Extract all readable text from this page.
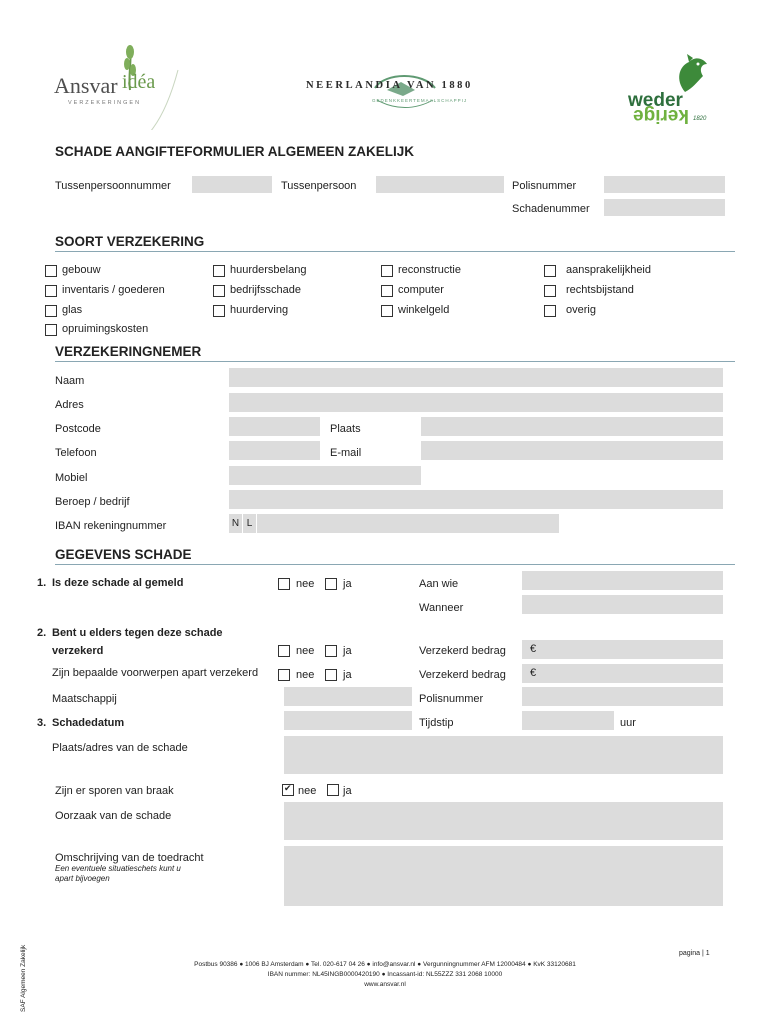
Ansvar idéa
VERZEKERINGEN
NEERLANDIA VAN 1880
GEDENKKEERTEMAALSCHAPPIJ	weder
kerige 1820
SCHADE AANGIFTEFORMULIER ALGEMEEN ZAKELIJK
Tussenpersoonnummer	Tussenpersoon	Polisnummer
Schadenummer
SOORT VERZEKERING
gebouw
inventaris / goederen
glas
opruimingskosten
huurdersbelang
bedrijfsschade
huurderving
reconstructie
computer
winkelgeld
aansprakelijkheid
rechtsbijstand
overig
VERZEKERINGNEMER
Naam
Adres
Postcode	Plaats
Telefoon	E-mail
Mobiel
Beroep / bedrijf
IBAN rekeningnummer	N L
GEGEVENS SCHADE
1. Is deze schade al gemeld	nee	ja	Aan wie
Wanneer
2. Bent u elders tegen deze schade
verzekerd	nee	ja	Verzekerd bedrag	€
Zijn bepaalde voorwerpen apart verzekerd	nee	ja	Verzekerd bedrag	€
Maatschappij	Polisnummer
3. Schadedatum	Tijdstip	uur
Plaats/adres van de schade
Zijn er sporen van braak
✔	nee ja
Oorzaak van de schade
Omschrijving van de toedracht
Een eventuele situatieschets kunt u
apart bijvoegen
pagina | 1
Postbus 90386 ● 1006 BJ Amsterdam ● Tel. 020-617 04 26 ● info@ansvar.nl ● Vergunningnummer AFM 12000484 ● KvK 33120681
IBAN nummer: NL45INGB0000420190 ● Incassant-id: NL55ZZZ 331 2068 10000
www.ansvar.nl
SAF Algemeen Zakelijk
